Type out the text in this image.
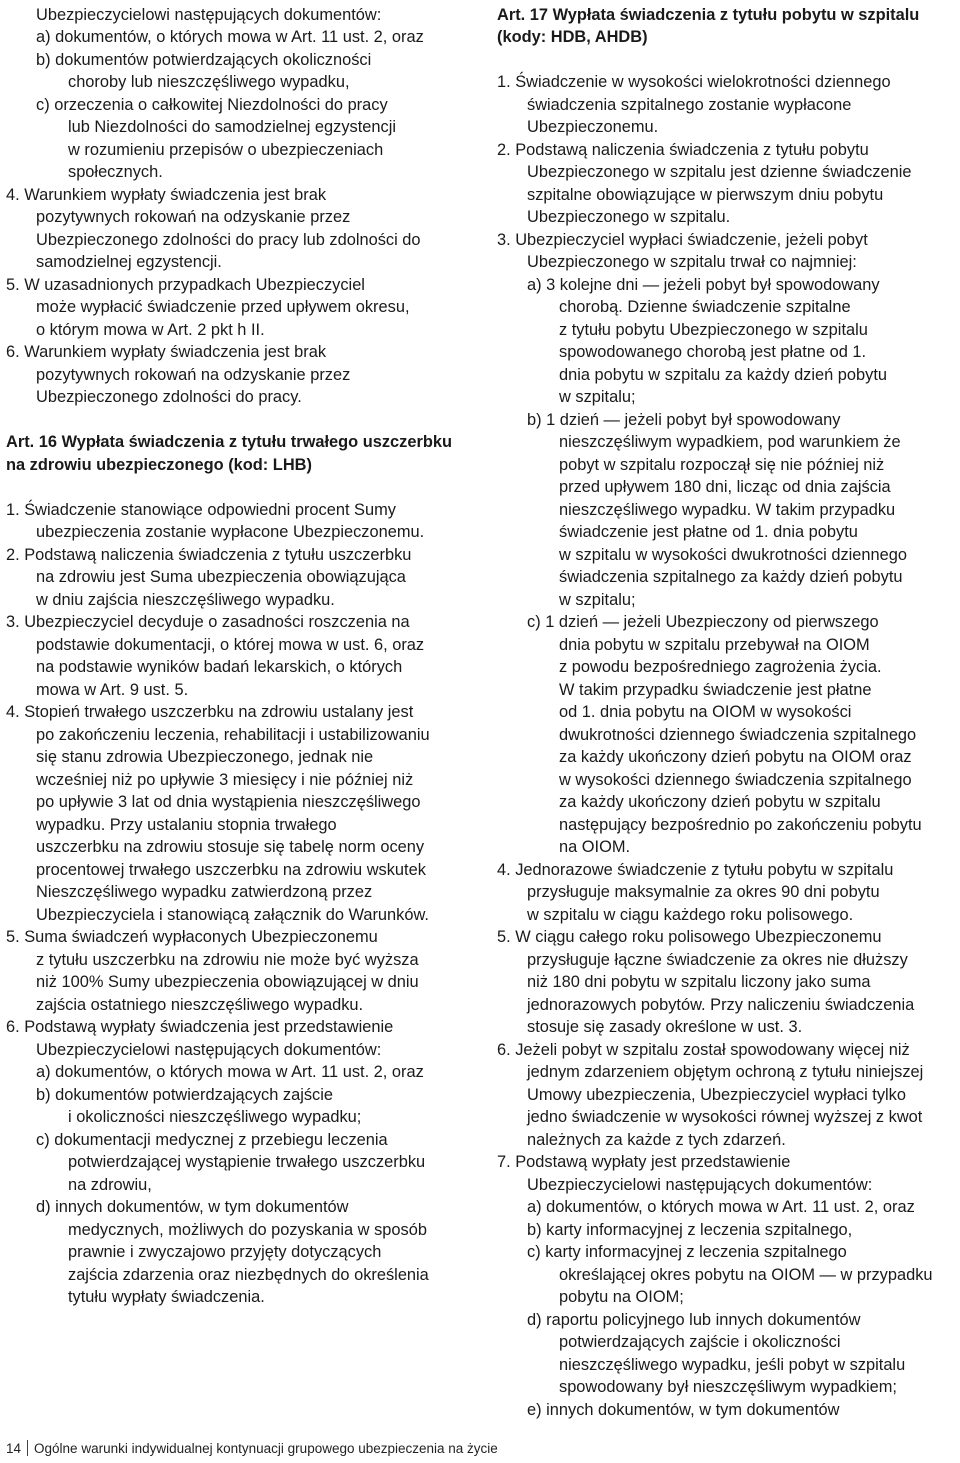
Ubezpieczycielowi następujących dokumentów:
a) dokumentów, o których mowa w Art. 11 ust. 2, oraz
b) dokumentów potwierdzających okoliczności
choroby lub nieszczęśliwego wypadku,
c) orzeczenia o całkowitej Niezdolności do pracy
lub Niezdolności do samodzielnej egzystencji
w rozumieniu przepisów o ubezpieczeniach
społecznych.
4. Warunkiem wypłaty świadczenia jest brak
pozytywnych rokowań na odzyskanie przez
Ubezpieczonego zdolności do pracy lub zdolności do
samodzielnej egzystencji.
5. W uzasadnionych przypadkach Ubezpieczyciel
może wypłacić świadczenie przed upływem okresu,
o którym mowa w Art. 2 pkt h II.
6. Warunkiem wypłaty świadczenia jest brak
pozytywnych rokowań na odzyskanie przez
Ubezpieczonego zdolności do pracy.
Art. 16 Wypłata świadczenia z tytułu trwałego uszczerbku
na zdrowiu ubezpieczonego (kod: LHB)
1. Świadczenie stanowiące odpowiedni procent Sumy
ubezpieczenia zostanie wypłacone Ubezpieczonemu.
2. Podstawą naliczenia świadczenia z tytułu uszczerbku
na zdrowiu jest Suma ubezpieczenia obowiązująca
w dniu zajścia nieszczęśliwego wypadku.
3. Ubezpieczyciel decyduje o zasadności roszczenia na
podstawie dokumentacji, o której mowa w ust. 6, oraz
na podstawie wyników badań lekarskich, o których
mowa w Art. 9 ust. 5.
4. Stopień trwałego uszczerbku na zdrowiu ustalany jest
po zakończeniu leczenia, rehabilitacji i ustabilizowaniu
się stanu zdrowia Ubezpieczonego, jednak nie
wcześniej niż po upływie 3 miesięcy i nie później niż
po upływie 3 lat od dnia wystąpienia nieszczęśliwego
wypadku. Przy ustalaniu stopnia trwałego
uszczerbku na zdrowiu stosuje się tabelę norm oceny
procentowej trwałego uszczerbku na zdrowiu wskutek
Nieszczęśliwego wypadku zatwierdzoną przez
Ubezpieczyciela i stanowiącą załącznik do Warunków.
5. Suma świadczeń wypłaconych Ubezpieczonemu
z tytułu uszczerbku na zdrowiu nie może być wyższa
niż 100% Sumy ubezpieczenia obowiązującej w dniu
zajścia ostatniego nieszczęśliwego wypadku.
6. Podstawą wypłaty świadczenia jest przedstawienie
Ubezpieczycielowi następujących dokumentów:
a) dokumentów, o których mowa w Art. 11 ust. 2, oraz
b) dokumentów potwierdzających zajście
i okoliczności nieszczęśliwego wypadku;
c) dokumentacji medycznej z przebiegu leczenia
potwierdzającej wystąpienie trwałego uszczerbku
na zdrowiu,
d) innych dokumentów, w tym dokumentów
medycznych, możliwych do pozyskania w sposób
prawnie i zwyczajowo przyjęty dotyczących
zajścia zdarzenia oraz niezbędnych do określenia
tytułu wypłaty świadczenia.
Art. 17 Wypłata świadczenia z tytułu pobytu w szpitalu
(kody: HDB, AHDB)
1. Świadczenie w wysokości wielokrotności dziennego
świadczenia szpitalnego zostanie wypłacone
Ubezpieczonemu.
2. Podstawą naliczenia świadczenia z tytułu pobytu
Ubezpieczonego w szpitalu jest dzienne świadczenie
szpitalne obowiązujące w pierwszym dniu pobytu
Ubezpieczonego w szpitalu.
3. Ubezpieczyciel wypłaci świadczenie, jeżeli pobyt
Ubezpieczonego w szpitalu trwał co najmniej:
a) 3 kolejne dni — jeżeli pobyt był spowodowany
chorobą. Dzienne świadczenie szpitalne
z tytułu pobytu Ubezpieczonego w szpitalu
spowodowanego chorobą jest płatne od 1.
dnia pobytu w szpitalu za każdy dzień pobytu
w szpitalu;
b) 1 dzień — jeżeli pobyt był spowodowany
nieszczęśliwym wypadkiem, pod warunkiem że
pobyt w szpitalu rozpoczął się nie później niż
przed upływem 180 dni, licząc od dnia zajścia
nieszczęśliwego wypadku. W takim przypadku
świadczenie jest płatne od 1. dnia pobytu
w szpitalu w wysokości dwukrotności dziennego
świadczenia szpitalnego za każdy dzień pobytu
w szpitalu;
c) 1 dzień — jeżeli Ubezpieczony od pierwszego
dnia pobytu w szpitalu przebywał na OIOM
z powodu bezpośredniego zagrożenia życia.
W takim przypadku świadczenie jest płatne
od 1. dnia pobytu na OIOM w wysokości
dwukrotności dziennego świadczenia szpitalnego
za każdy ukończony dzień pobytu na OIOM oraz
w wysokości dziennego świadczenia szpitalnego
za każdy ukończony dzień pobytu w szpitalu
następujący bezpośrednio po zakończeniu pobytu
na OIOM.
4. Jednorazowe świadczenie z tytułu pobytu w szpitalu
przysługuje maksymalnie za okres 90 dni pobytu
w szpitalu w ciągu każdego roku polisowego.
5. W ciągu całego roku polisowego Ubezpieczonemu
przysługuje łączne świadczenie za okres nie dłuższy
niż 180 dni pobytu w szpitalu liczony jako suma
jednorazowych pobytów. Przy naliczeniu świadczenia
stosuje się zasady określone w ust. 3.
6. Jeżeli pobyt w szpitalu został spowodowany więcej niż
jednym zdarzeniem objętym ochroną z tytułu niniejszej
Umowy ubezpieczenia, Ubezpieczyciel wypłaci tylko
jedno świadczenie w wysokości równej wyższej z kwot
należnych za każde z tych zdarzeń.
7. Podstawą wypłaty jest przedstawienie
Ubezpieczycielowi następujących dokumentów:
a) dokumentów, o których mowa w Art. 11 ust. 2, oraz
b) karty informacyjnej z leczenia szpitalnego,
c) karty informacyjnej z leczenia szpitalnego
określającej okres pobytu na OIOM — w przypadku
pobytu na OIOM;
d) raportu policyjnego lub innych dokumentów
potwierdzających zajście i okoliczności
nieszczęśliwego wypadku, jeśli pobyt w szpitalu
spowodowany był nieszczęśliwym wypadkiem;
e) innych dokumentów, w tym dokumentów
14 Ogólne warunki indywidualnej kontynuacji grupowego ubezpieczenia na życie
